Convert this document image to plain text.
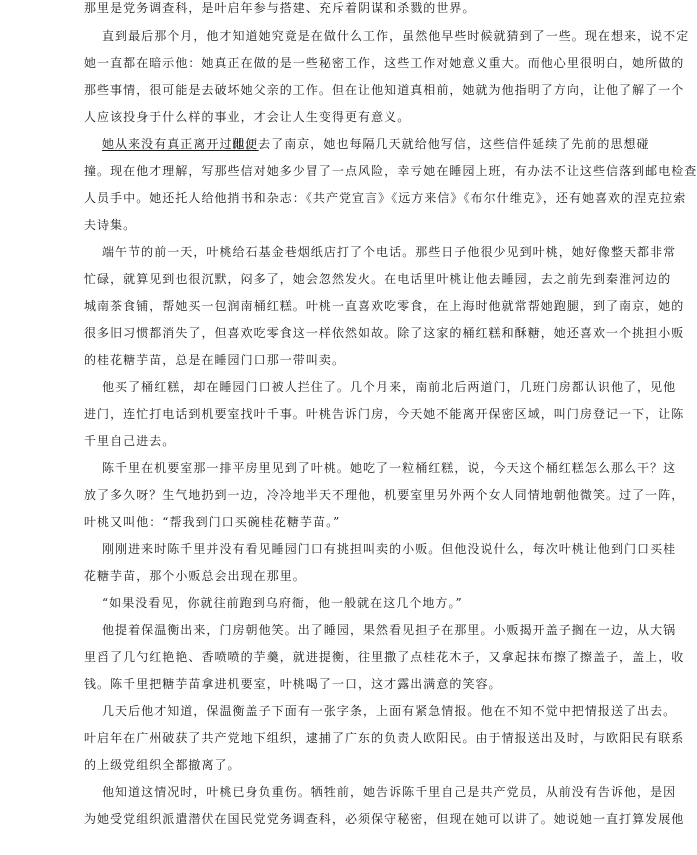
那里是党务调查科，是叶启年参与搭建、充斥着阴谋和杀戮的世界。
直到最后那个月，他才知道她究竟是在做什么工作，虽然他早些时候就猜到了一些。现在想来，说不定
她一直都在暗示他：她真正在做的是一些秘密工作，这些工作对她意义重大。而他心里很明白，她所做的
那些事情，很可能是去破坏她父亲的工作。但在让他知道真相前，她就为他指明了方向，让他了解了一个
人应该投身于什么样的事业，才会让人生变得更有意义。
她从来没有真正离开过他。
即便去了南京，她也每隔几天就给他写信，这些信件延续了先前的思想碰
撞。现在他才理解，写那些信对她多少冒了一点风险，幸亏她在睡园上班，有办法不让这些信落到邮电检查
人员手中。她还托人给他捎书和杂志：《共产党宣言》《远方来信》《布尔什维克》，还有她喜欢的涅克拉索
夫诗集。
端午节的前一天，叶桃给石基金巷烟纸店打了个电话。那些日子他很少见到叶桃，她好像整天都非常
忙碌，就算见到也很沉默，闷多了，她会忽然发火。在电话里叶桃让他去睡园，去之前先到秦淮河边的
城南茶食铺，帮她买一包润南桶红糕。叶桃一直喜欢吃零食，在上海时他就常帮她跑腿，到了南京，她的
很多旧习惯都消失了，但喜欢吃零食这一样依然如故。除了这家的桶红糕和酥糖，她还喜欢一个挑担小贩
的桂花糖芋苗，总是在睡园门口那一带叫卖。
他买了桶红糕，却在睡园门口被人拦住了。几个月来，南前北后两道门，几班门房都认识他了，见他
进门，连忙打电话到机要室找叶千事。叶桃告诉门房，今天她不能离开保密区域，叫门房登记一下，让陈
千里自己进去。
陈千里在机要室那一排平房里见到了叶桃。她吃了一粒桶红糕，说，今天这个桶红糕怎么那么干？这
放了多久呀？生气地扔到一边，冷冷地半天不理他，机要室里另外两个女人同情地朝他微笑。过了一阵，
叶桃又叫他：“帮我到门口买碗桂花糖芋苗。”
刚刚进来时陈千里并没有看见睡园门口有挑担叫卖的小贩。但他没说什么，每次叶桃让他到门口买桂
花糖芋苗，那个小贩总会出现在那里。
“如果没看见，你就往前跑到乌府衙，他一般就在这几个地方。”
他提着保温衡出来，门房朝他笑。出了睡园，果然看见担子在那里。小贩揭开盖子搁在一边，从大锅
里舀了几勺红艳艳、香喷喷的芋羹，就进提衡，往里撒了点桂花木子，又拿起抹布擦了擦盖子，盖上，收
钱。陈千里把糖芋苗拿进机要室，叶桃喝了一口，这才露出满意的笑容。
几天后他才知道，保温衡盖子下面有一张字条，上面有紧急情报。他在不知不觉中把情报送了出去。
叶启年在广州破获了共产党地下组织，逮捕了广东的负责人欧阳民。由于情报送出及时，与欧阳民有联系
的上级党组织全都撤离了。
他知道这情况时，叶桃已身负重伤。牺牲前，她告诉陈千里自己是共产党员，从前没有告诉他，是因
为她受党组织派遣潜伏在国民党党务调查科，必须保守秘密，但现在她可以讲了。她说她一直打算发展他
